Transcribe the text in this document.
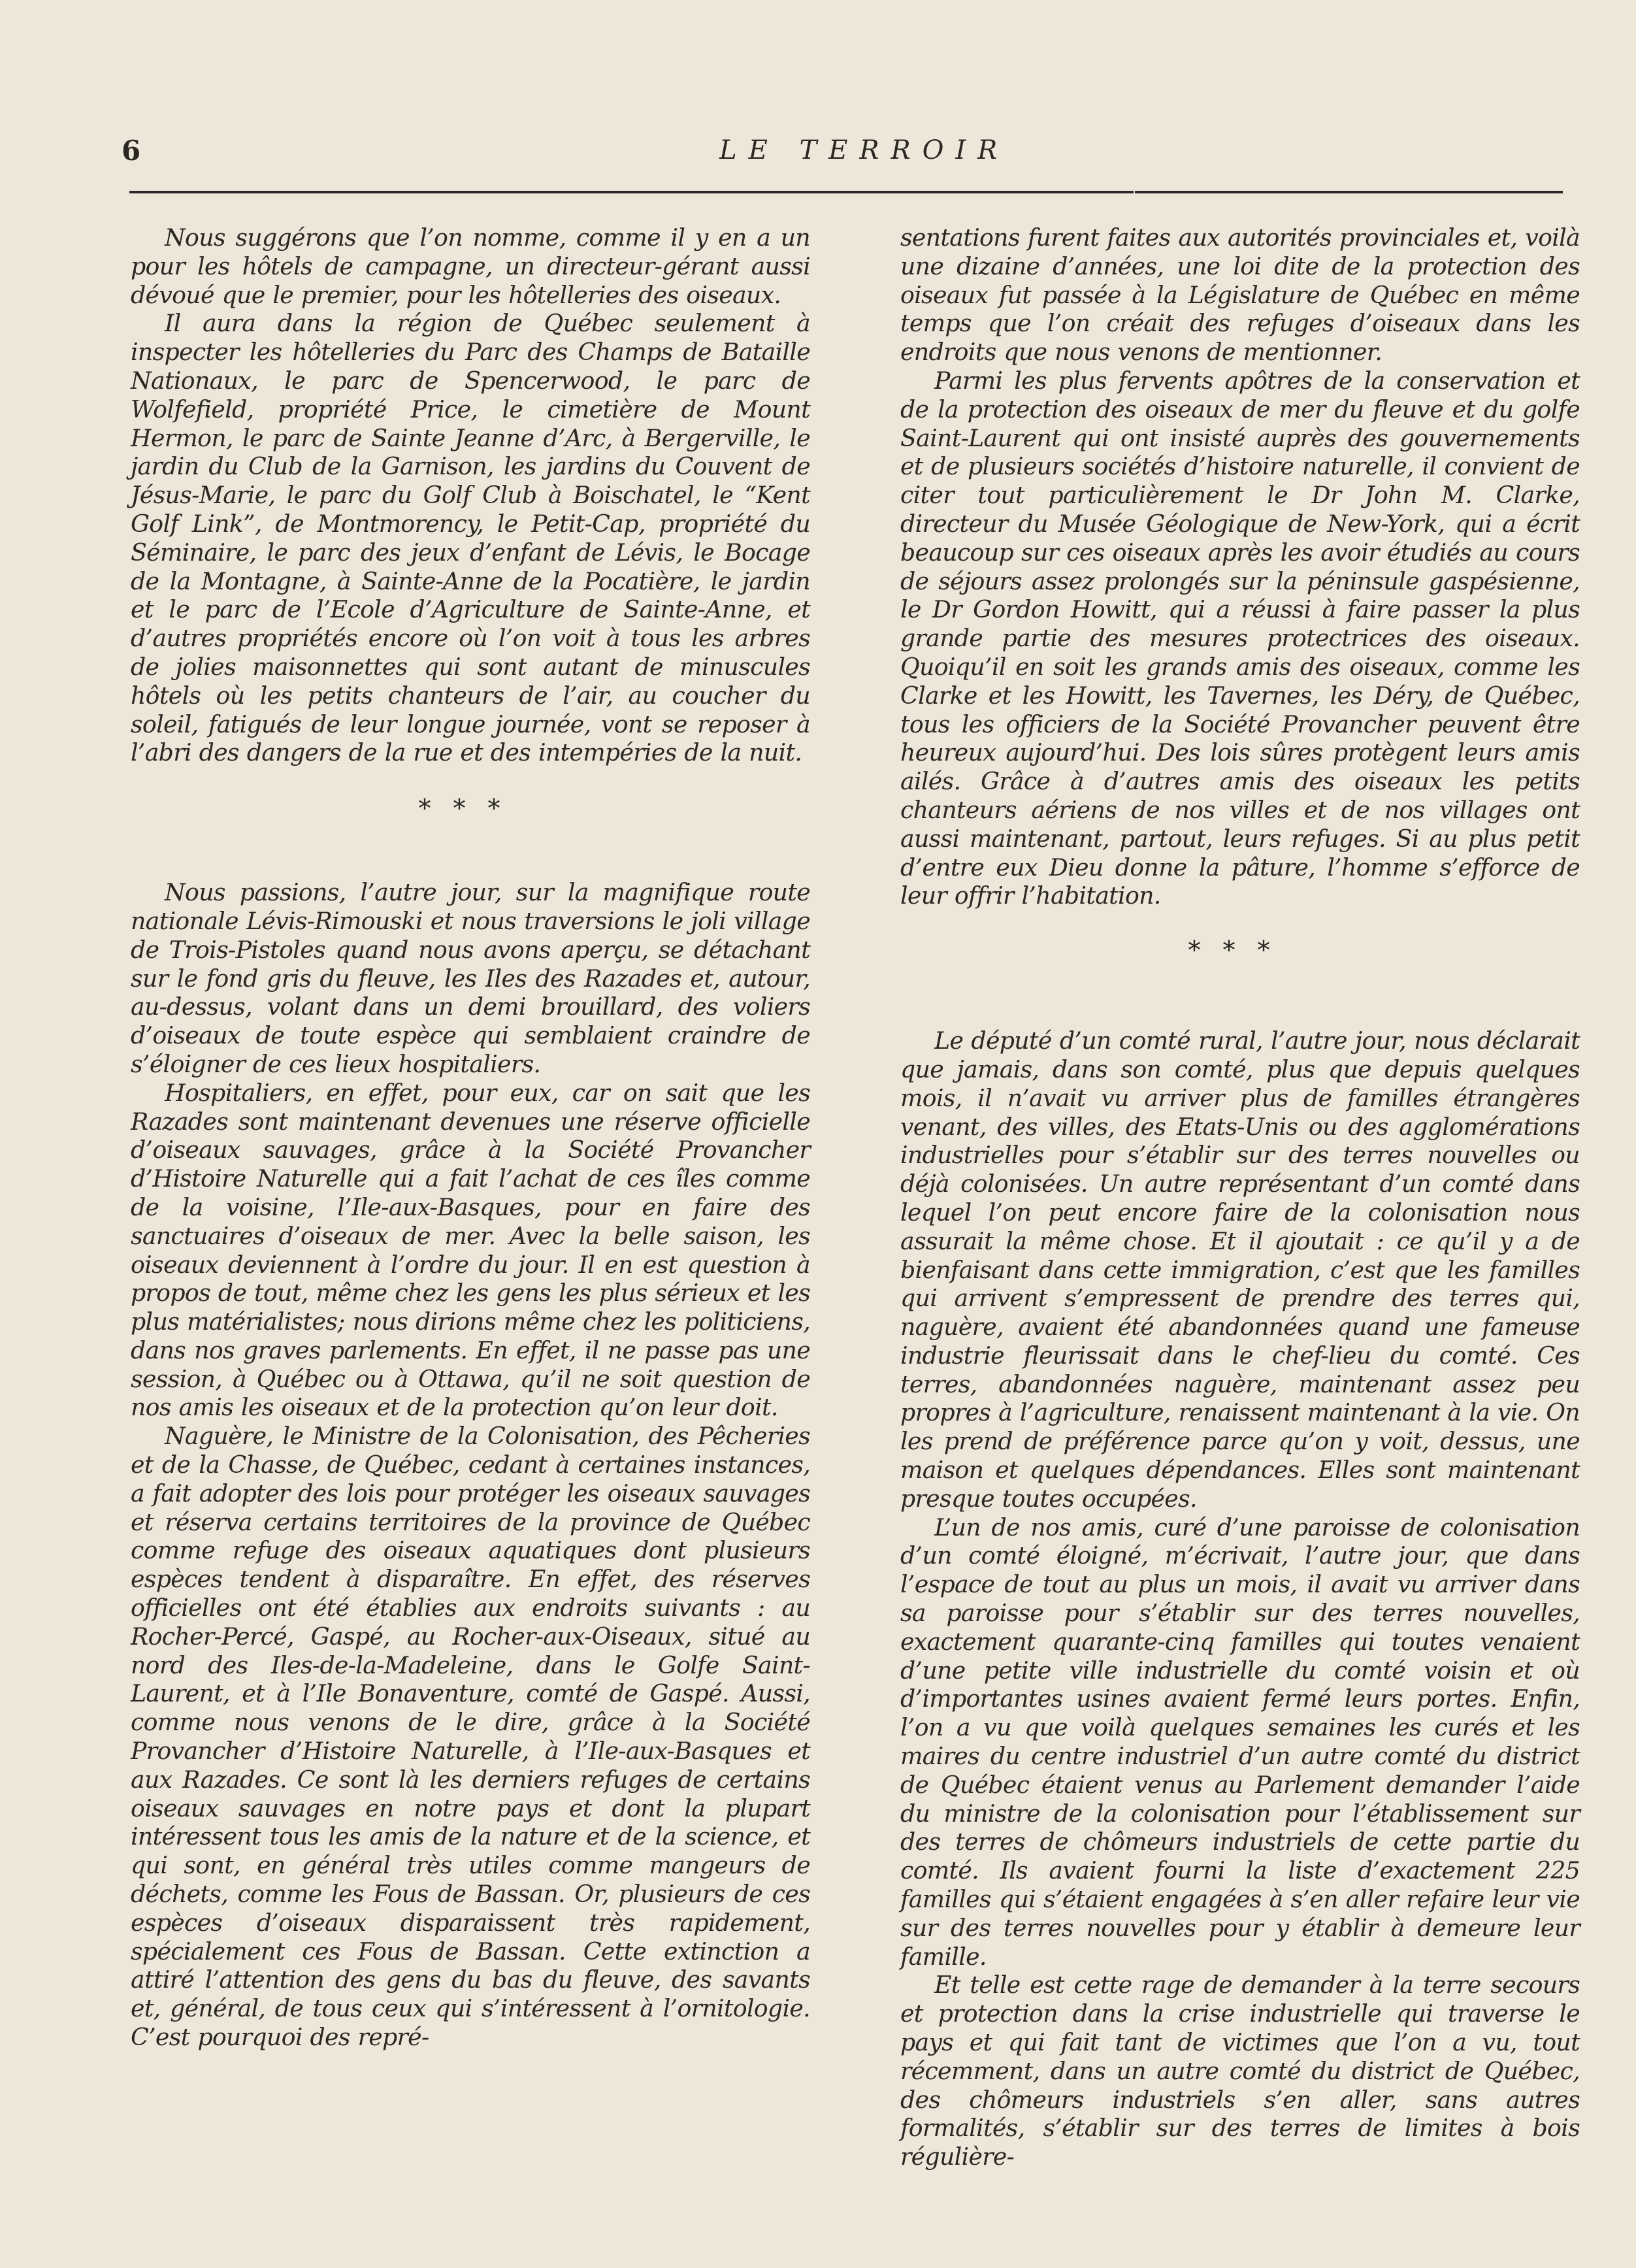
6	LE TERROIR

Nous suggérons que l’on nomme, comme il y en a un pour les hôtels de campagne, un directeur-gérant aussi dévoué que le premier, pour les hôtelleries des oiseaux.

Il aura dans la région de Québec seulement à inspecter les hôtelleries du Parc des Champs de Bataille Nationaux, le parc de Spencerwood, le parc de Wolfefield, propriété Price, le cimetière de Mount Hermon, le parc de Sainte Jeanne d’Arc, à Bergerville, le jardin du Club de la Garnison, les jardins du Couvent de Jésus-Marie, le parc du Golf Club à Boischatel, le “Kent Golf Link”, de Montmorency, le Petit-Cap, propriété du Séminaire, le parc des jeux d’enfant de Lévis, le Bocage de la Montagne, à Sainte-Anne de la Pocatière, le jardin et le parc de l’Ecole d’Agriculture de Sainte-Anne, et d’autres propriétés encore où l’on voit à tous les arbres de jolies maisonnettes qui sont autant de minuscules hôtels où les petits chanteurs de l’air, au coucher du soleil, fatigués de leur longue journée, vont se reposer à l’abri des dangers de la rue et des intempéries de la nuit.

***

Nous passions, l’autre jour, sur la magnifique route nationale Lévis-Rimouski et nous traversions le joli village de Trois-Pistoles quand nous avons aperçu, se détachant sur le fond gris du fleuve, les Iles des Razades et, autour, au-dessus, volant dans un demi brouillard, des voliers d’oiseaux de toute espèce qui semblaient craindre de s’éloigner de ces lieux hospitaliers.

Hospitaliers, en effet, pour eux, car on sait que les Razades sont maintenant devenues une réserve officielle d’oiseaux sauvages, grâce à la Société Provancher d’Histoire Naturelle qui a fait l’achat de ces îles comme de la voisine, l’Ile-aux-Basques, pour en faire des sanctuaires d’oiseaux de mer. Avec la belle saison, les oiseaux deviennent à l’ordre du jour. Il en est question à propos de tout, même chez les gens les plus sérieux et les plus matérialistes; nous dirions même chez les politiciens, dans nos graves parlements. En effet, il ne passe pas une session, à Québec ou à Ottawa, qu’il ne soit question de nos amis les oiseaux et de la protection qu’on leur doit.

Naguère, le Ministre de la Colonisation, des Pêcheries et de la Chasse, de Québec, cedant à certaines instances, a fait adopter des lois pour protéger les oiseaux sauvages et réserva certains territoires de la province de Québec comme refuge des oiseaux aquatiques dont plusieurs espèces tendent à disparaître. En effet, des réserves officielles ont été établies aux endroits suivants : au Rocher-Percé, Gaspé, au Rocher-aux-Oiseaux, situé au nord des Iles-de-la-Madeleine, dans le Golfe Saint-Laurent, et à l’Ile Bonaventure, comté de Gaspé. Aussi, comme nous venons de le dire, grâce à la Société Provancher d’Histoire Naturelle, à l’Ile-aux-Basques et aux Razades. Ce sont là les derniers refuges de certains oiseaux sauvages en notre pays et dont la plupart intéressent tous les amis de la nature et de la science, et qui sont, en général très utiles comme mangeurs de déchets, comme les Fous de Bassan. Or, plusieurs de ces espèces d’oiseaux disparaissent très rapidement, spécialement ces Fous de Bassan. Cette extinction a attiré l’attention des gens du bas du fleuve, des savants et, général, de tous ceux qui s’intéressent à l’ornitologie. C’est pourquoi des repré-

sentations furent faites aux autorités provinciales et, voilà une dizaine d’années, une loi dite de la protection des oiseaux fut passée à la Législature de Québec en même temps que l’on créait des refuges d’oiseaux dans les endroits que nous venons de mentionner.

Parmi les plus fervents apôtres de la conservation et de la protection des oiseaux de mer du fleuve et du golfe Saint-Laurent qui ont insisté auprès des gouvernements et de plusieurs sociétés d’histoire naturelle, il convient de citer tout particulièrement le Dr John M. Clarke, directeur du Musée Géologique de New-York, qui a écrit beaucoup sur ces oiseaux après les avoir étudiés au cours de séjours assez prolongés sur la péninsule gaspésienne, le Dr Gordon Howitt, qui a réussi à faire passer la plus grande partie des mesures protectrices des oiseaux. Quoiqu’il en soit les grands amis des oiseaux, comme les Clarke et les Howitt, les Tavernes, les Déry, de Québec, tous les officiers de la Société Provancher peuvent être heureux aujourd’hui. Des lois sûres protègent leurs amis ailés. Grâce à d’autres amis des oiseaux les petits chanteurs aériens de nos villes et de nos villages ont aussi maintenant, partout, leurs refuges. Si au plus petit d’entre eux Dieu donne la pâture, l’homme s’efforce de leur offrir l’habitation.

***

Le député d’un comté rural, l’autre jour, nous déclarait que jamais, dans son comté, plus que depuis quelques mois, il n’avait vu arriver plus de familles étrangères venant, des villes, des Etats-Unis ou des agglomérations industrielles pour s’établir sur des terres nouvelles ou déjà colonisées. Un autre représentant d’un comté dans lequel l’on peut encore faire de la colonisation nous assurait la même chose. Et il ajoutait : ce qu’il y a de bienfaisant dans cette immigration, c’est que les familles qui arrivent s’empressent de prendre des terres qui, naguère, avaient été abandonnées quand une fameuse industrie fleurissait dans le chef-lieu du comté. Ces terres, abandonnées naguère, maintenant assez peu propres à l’agriculture, renaissent maintenant à la vie. On les prend de préférence parce qu’on y voit, dessus, une maison et quelques dépendances. Elles sont maintenant presque toutes occupées.

L’un de nos amis, curé d’une paroisse de colonisation d’un comté éloigné, m’écrivait, l’autre jour, que dans l’espace de tout au plus un mois, il avait vu arriver dans sa paroisse pour s’établir sur des terres nouvelles, exactement quarante-cinq familles qui toutes venaient d’une petite ville industrielle du comté voisin et où d’importantes usines avaient fermé leurs portes. Enfin, l’on a vu que voilà quelques semaines les curés et les maires du centre industriel d’un autre comté du district de Québec étaient venus au Parlement demander l’aide du ministre de la colonisation pour l’établissement sur des terres de chômeurs industriels de cette partie du comté. Ils avaient fourni la liste d’exactement 225 familles qui s’étaient engagées à s’en aller refaire leur vie sur des terres nouvelles pour y établir à demeure leur famille.

Et telle est cette rage de demander à la terre secours et protection dans la crise industrielle qui traverse le pays et qui fait tant de victimes que l’on a vu, tout récemment, dans un autre comté du district de Québec, des chômeurs industriels s’en aller, sans autres formalités, s’établir sur des terres de limites à bois régulière-
